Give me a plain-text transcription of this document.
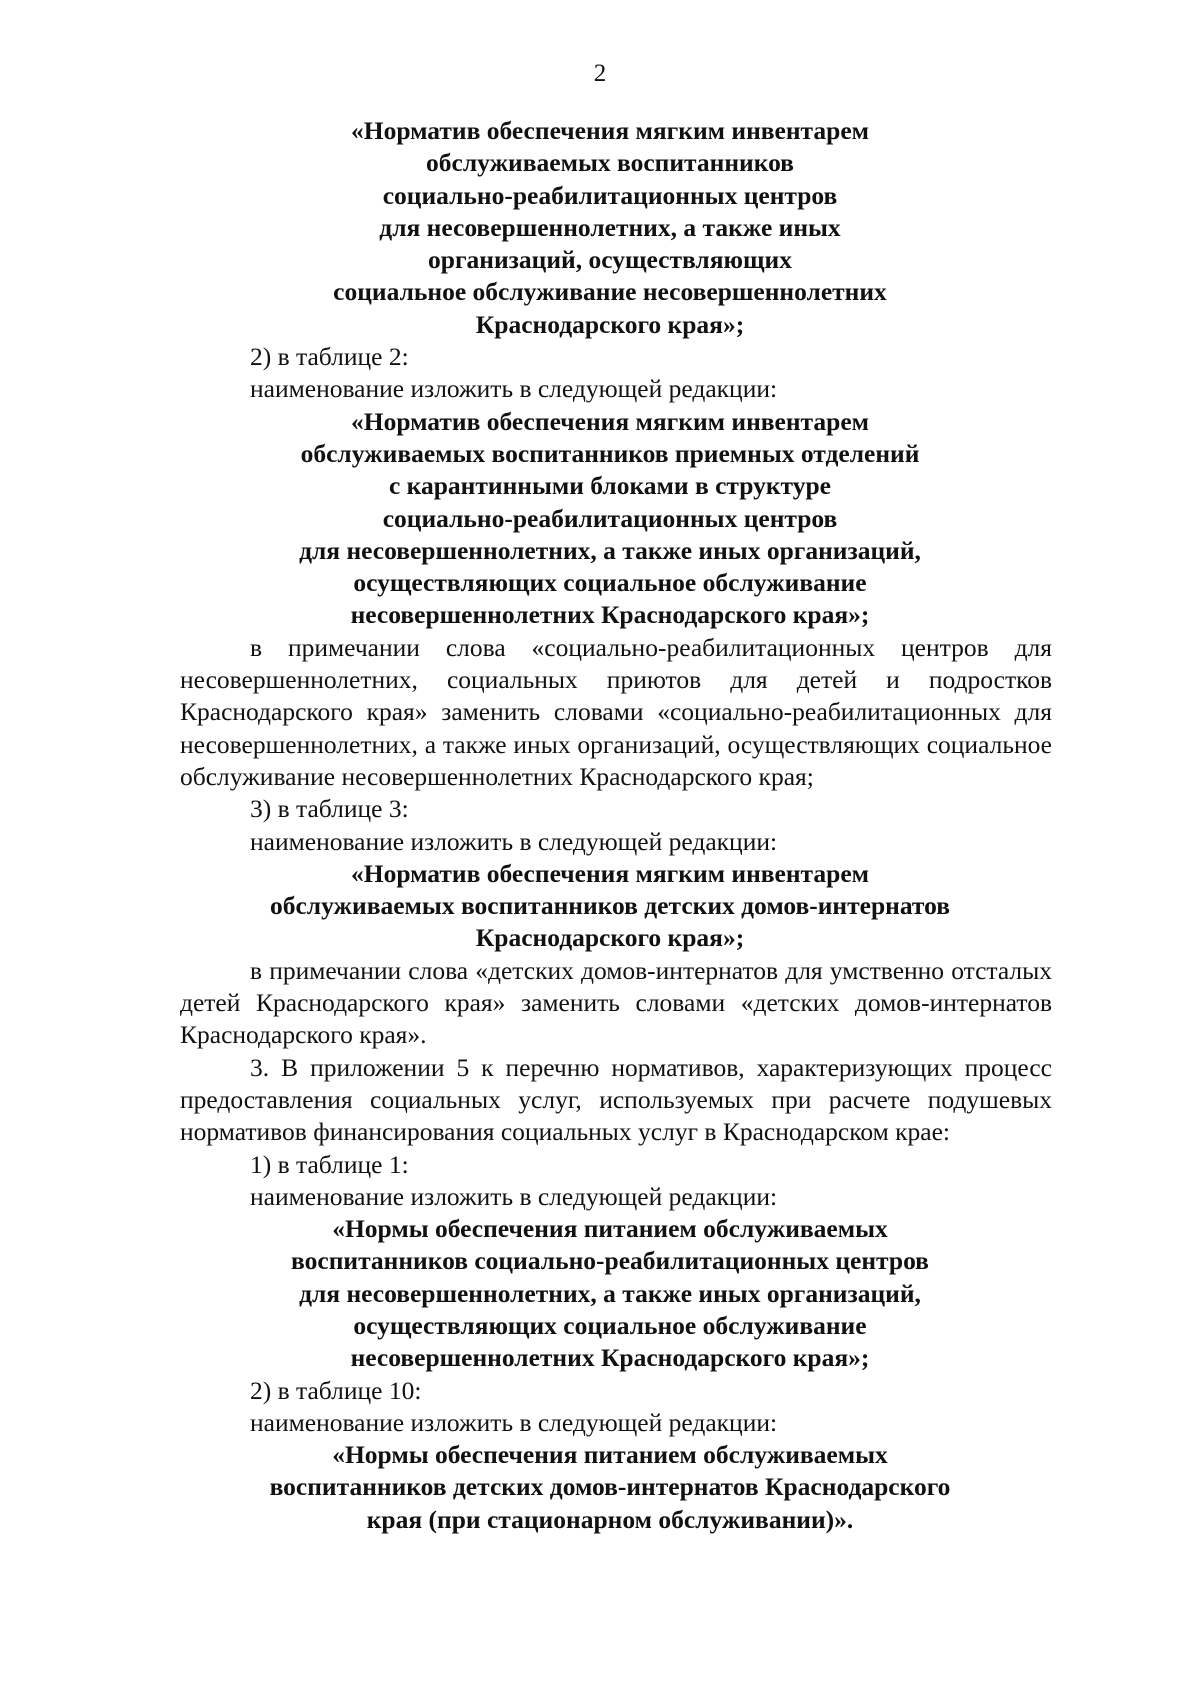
2
«Норматив обеспечения мягким инвентарем
обслуживаемых воспитанников
социально-реабилитационных центров
для несовершеннолетних, а также иных
организаций, осуществляющих
социальное обслуживание несовершеннолетних
Краснодарского края»;
2) в таблице 2:
наименование изложить в следующей редакции:
«Норматив обеспечения мягким инвентарем
обслуживаемых воспитанников приемных отделений
с карантинными блоками в структуре
социально-реабилитационных центров
для несовершеннолетних, а также иных организаций,
осуществляющих социальное обслуживание
несовершеннолетних Краснодарского края»;
в примечании слова «социально-реабилитационных центров для несовершеннолетних, социальных приютов для детей и подростков Краснодарского края» заменить словами «социально-реабилитационных для несовершеннолетних, а также иных организаций, осуществляющих социальное обслуживание несовершеннолетних Краснодарского края;
3) в таблице 3:
наименование изложить в следующей редакции:
«Норматив обеспечения мягким инвентарем
обслуживаемых воспитанников детских домов-интернатов
Краснодарского края»;
в примечании слова «детских домов-интернатов для умственно отсталых детей Краснодарского края» заменить словами «детских домов-интернатов Краснодарского края».
3. В приложении 5 к перечню нормативов, характеризующих процесс предоставления социальных услуг, используемых при расчете подушевых нормативов финансирования социальных услуг в Краснодарском крае:
1) в таблице 1:
наименование изложить в следующей редакции:
«Нормы обеспечения питанием обслуживаемых
воспитанников социально-реабилитационных центров
для несовершеннолетних, а также иных организаций,
осуществляющих социальное обслуживание
несовершеннолетних Краснодарского края»;
2) в таблице 10:
наименование изложить в следующей редакции:
«Нормы обеспечения питанием обслуживаемых
воспитанников детских домов-интернатов Краснодарского
края (при стационарном обслуживании)».
